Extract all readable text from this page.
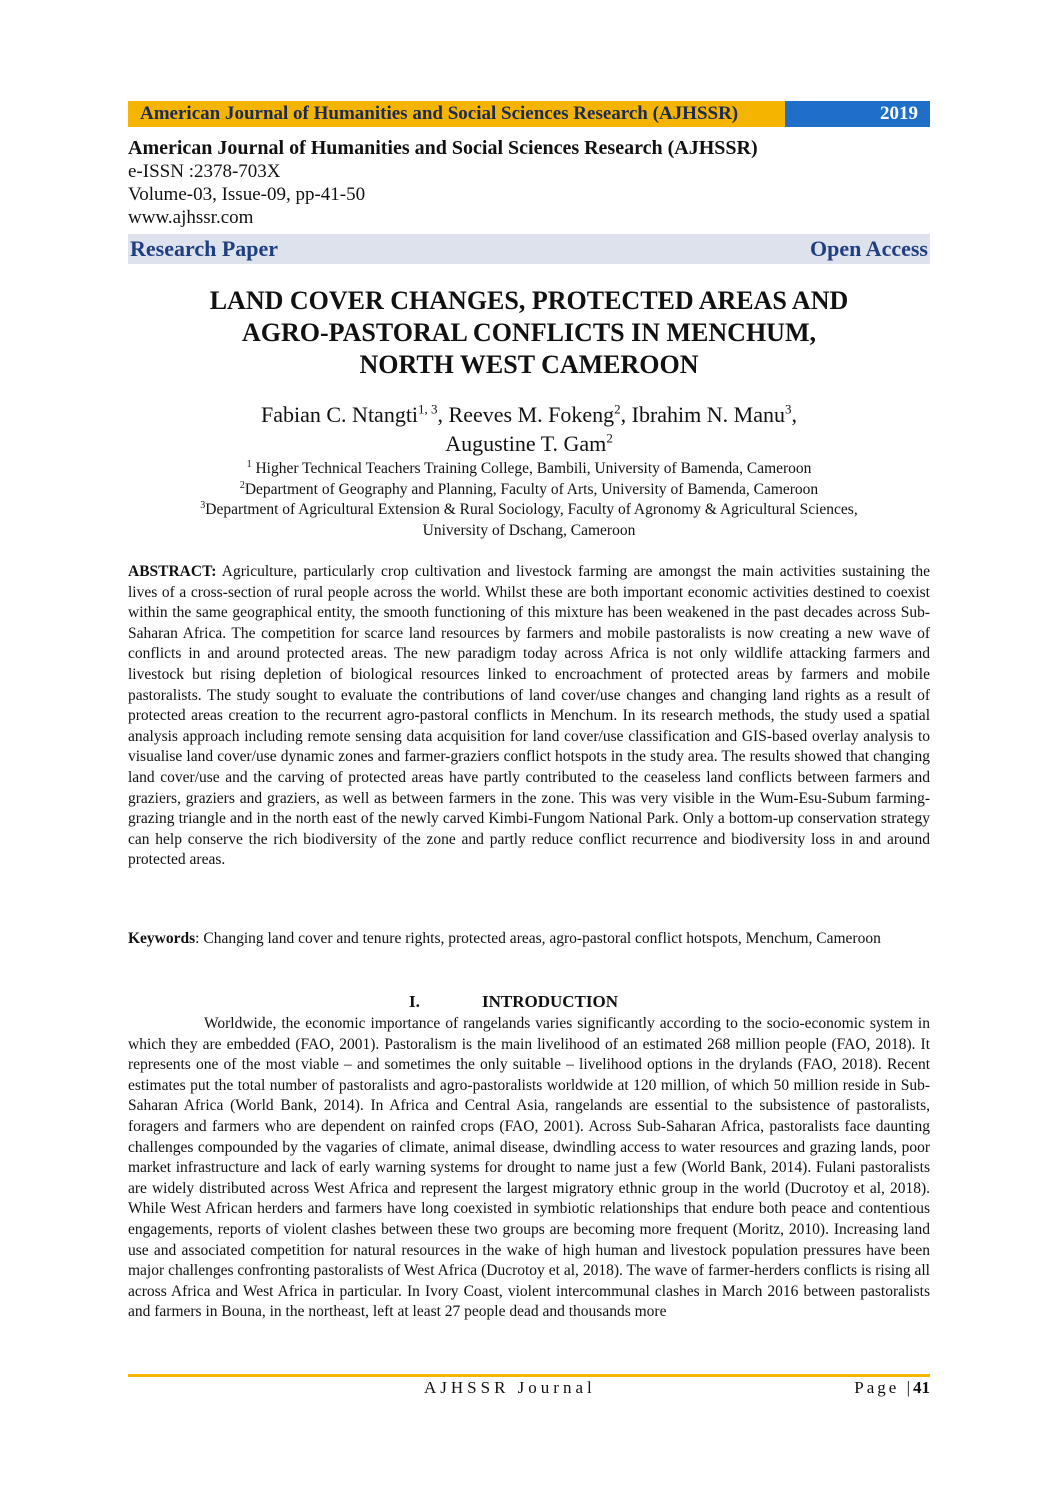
American Journal of Humanities and Social Sciences Research (AJHSSR)	2019
American Journal of Humanities and Social Sciences Research (AJHSSR)
e-ISSN :2378-703X
Volume-03, Issue-09, pp-41-50
www.ajhssr.com
Research Paper	Open Access
LAND COVER CHANGES, PROTECTED AREAS AND
AGRO-PASTORAL CONFLICTS IN MENCHUM,
NORTH WEST CAMEROON
Fabian C. Ntangti$^{1, 3}$, Reeves M. Fokeng$^2$, Ibrahim N. Manu$^3$,
Augustine T. Gam$^2$
$^1$ Higher Technical Teachers Training College, Bambili, University of Bamenda, Cameroon
$^2$Department of Geography and Planning, Faculty of Arts, University of Bamenda, Cameroon
$^3$Department of Agricultural Extension & Rural Sociology, Faculty of Agronomy & Agricultural Sciences,
University of Dschang, Cameroon
ABSTRACT: Agriculture, particularly crop cultivation and livestock farming are amongst the main activities sustaining the lives of a cross-section of rural people across the world. Whilst these are both important economic activities destined to coexist within the same geographical entity, the smooth functioning of this mixture has been weakened in the past decades across Sub-Saharan Africa. The competition for scarce land resources by farmers and mobile pastoralists is now creating a new wave of conflicts in and around protected areas. The new paradigm today across Africa is not only wildlife attacking farmers and livestock but rising depletion of biological resources linked to encroachment of protected areas by farmers and mobile pastoralists. The study sought to evaluate the contributions of land cover/use changes and changing land rights as a result of protected areas creation to the recurrent agro-pastoral conflicts in Menchum. In its research methods, the study used a spatial analysis approach including remote sensing data acquisition for land cover/use classification and GIS-based overlay analysis to visualise land cover/use dynamic zones and farmer-graziers conflict hotspots in the study area. The results showed that changing land cover/use and the carving of protected areas have partly contributed to the ceaseless land conflicts between farmers and graziers, graziers and graziers, as well as between farmers in the zone. This was very visible in the Wum-Esu-Subum farming-grazing triangle and in the north east of the newly carved Kimbi-Fungom National Park. Only a bottom-up conservation strategy can help conserve the rich biodiversity of the zone and partly reduce conflict recurrence and biodiversity loss in and around protected areas.
Keywords: Changing land cover and tenure rights, protected areas, agro-pastoral conflict hotspots, Menchum, Cameroon
I.	INTRODUCTION
Worldwide, the economic importance of rangelands varies significantly according to the socio-economic system in which they are embedded (FAO, 2001). Pastoralism is the main livelihood of an estimated 268 million people (FAO, 2018). It represents one of the most viable – and sometimes the only suitable – livelihood options in the drylands (FAO, 2018). Recent estimates put the total number of pastoralists and agro-pastoralists worldwide at 120 million, of which 50 million reside in Sub-Saharan Africa (World Bank, 2014). In Africa and Central Asia, rangelands are essential to the subsistence of pastoralists, foragers and farmers who are dependent on rainfed crops (FAO, 2001). Across Sub-Saharan Africa, pastoralists face daunting challenges compounded by the vagaries of climate, animal disease, dwindling access to water resources and grazing lands, poor market infrastructure and lack of early warning systems for drought to name just a few (World Bank, 2014). Fulani pastoralists are widely distributed across West Africa and represent the largest migratory ethnic group in the world (Ducrotoy et al, 2018). While West African herders and farmers have long coexisted in symbiotic relationships that endure both peace and contentious engagements, reports of violent clashes between these two groups are becoming more frequent (Moritz, 2010). Increasing land use and associated competition for natural resources in the wake of high human and livestock population pressures have been major challenges confronting pastoralists of West Africa (Ducrotoy et al, 2018). The wave of farmer-herders conflicts is rising all across Africa and West Africa in particular. In Ivory Coast, violent intercommunal clashes in March 2016 between pastoralists and farmers in Bouna, in the northeast, left at least 27 people dead and thousands more
AJHSSR Journal	Page |41
